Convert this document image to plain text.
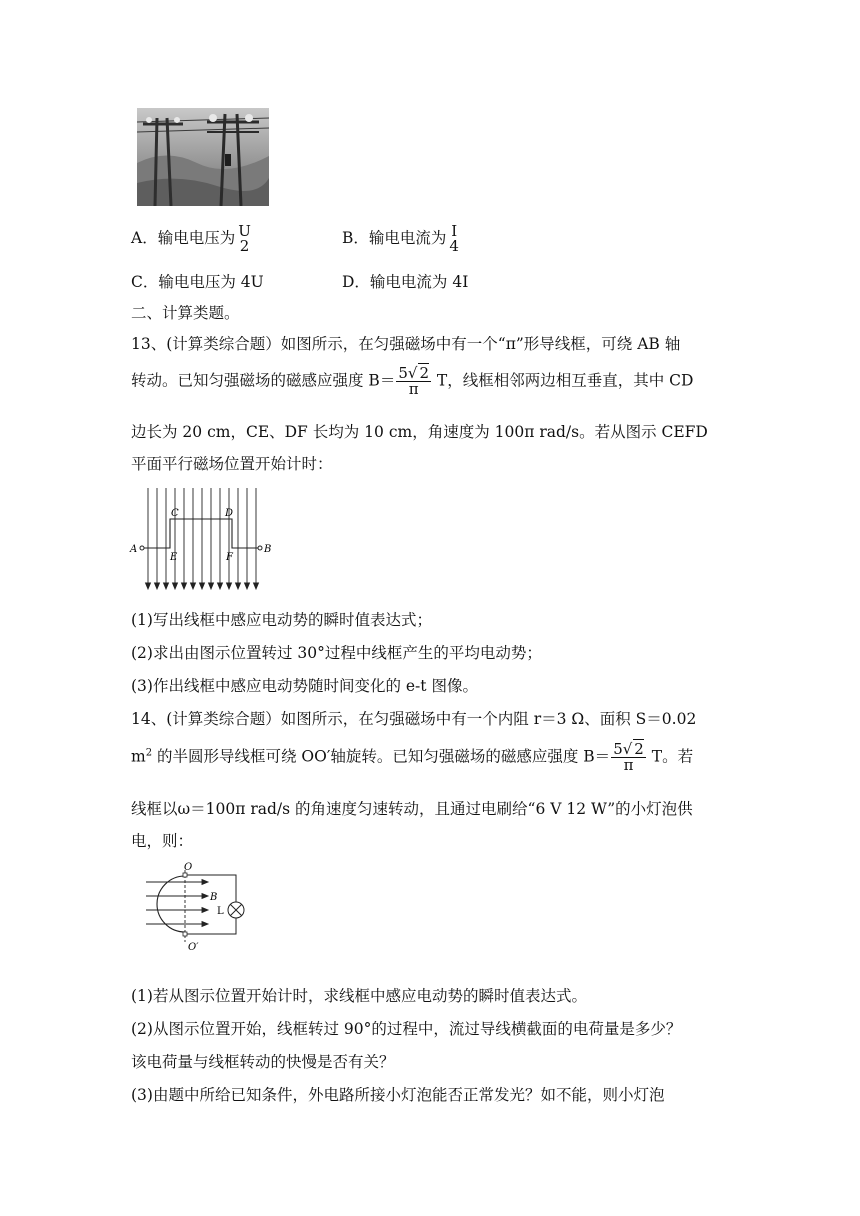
A．输电电压为 U
2	B．输电电流为 I
4
C．输电电压为 4U	D．输电电流为 4I
二、计算类题。
13、(计算类综合题）如图所示，在匀强磁场中有一个“π”形导线框，可绕 AB 轴
转动。已知匀强磁场的磁感应强度 $B= \frac{5√ 2}{\pi}$ T，线框相邻两边相互垂直，其中 CD
边长为 20 cm，CE、DF 长均为 10 cm，角速度为 100π rad/s。若从图示 CEFD
平面平行磁场位置开始计时：
A	B
C	D
E	F
(1)写出线框中感应电动势的瞬时值表达式；
(2)求出由图示位置转过 30°过程中线框产生的平均电动势；
(3)作出线框中感应电动势随时间变化的 e-t 图像。
14、(计算类综合题）如图所示，在匀强磁场中有一个内阻 r＝3 Ω、面积 S＝0.02
$m^2$ 的半圆形导线框可绕 OO′轴旋转。已知匀强磁场的磁感应强度 $B= \frac{5√ 2}{\pi}$ T。若
线框以ω＝100π rad/s 的角速度匀速转动，且通过电刷给“6 V 12 W”的小灯泡供
电，则：
O
O′
B
L
(1)若从图示位置开始计时，求线框中感应电动势的瞬时值表达式。
(2)从图示位置开始，线框转过 90°的过程中，流过导线横截面的电荷量是多少？
该电荷量与线框转动的快慢是否有关？
(3)由题中所给已知条件，外电路所接小灯泡能否正常发光？如不能，则小灯泡
